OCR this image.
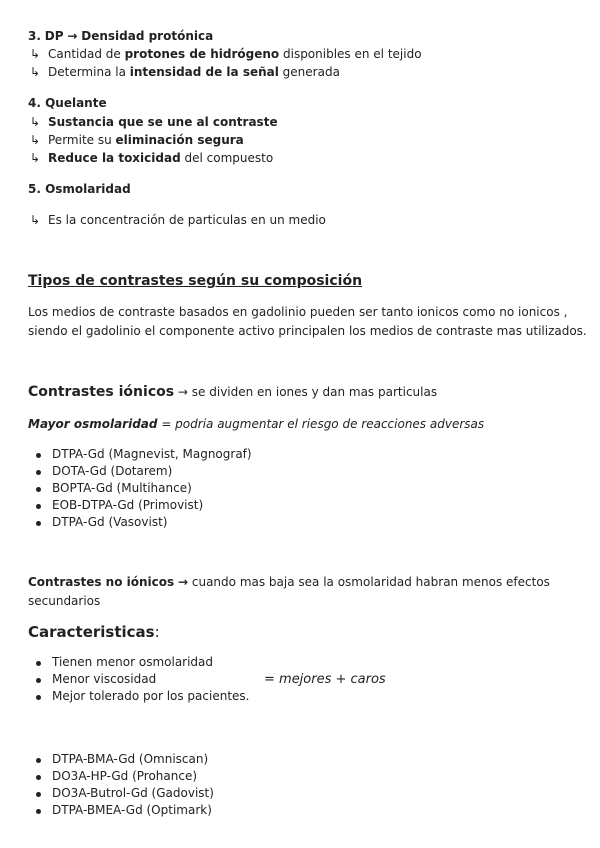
3. DP → Densidad protónica
↳ Cantidad de protones de hidrógeno disponibles en el tejido
↳ Determina la intensidad de la señal generada
4. Quelante
↳ Sustancia que se une al contraste
↳ Permite su eliminación segura
↳ Reduce la toxicidad del compuesto
5. Osmolaridad
↳ Es la concentración de particulas en un medio
Tipos de contrastes según su composición
Los medios de contraste basados en gadolinio pueden ser tanto ionicos como no ionicos ,
siendo el gadolinio el componente activo principalen los medios de contraste mas utilizados.
Contrastes iónicos → se dividen en iones y dan mas particulas
Mayor osmolaridad = podria augmentar el riesgo de reacciones adversas
DTPA-Gd (Magnevist, Magnograf)
DOTA-Gd (Dotarem)
BOPTA-Gd (Multihance)
EOB-DTPA-Gd (Primovist)
DTPA-Gd (Vasovist)
Contrastes no iónicos → cuando mas baja sea la osmolaridad habran menos efectos
secundarios
Caracteristicas:
Tienen menor osmolaridad
Menor viscosidad
Mejor tolerado por los pacientes.
= mejores + caros
DTPA-BMA-Gd (Omniscan)
DO3A-HP-Gd (Prohance)
DO3A-Butrol-Gd (Gadovist)
DTPA-BMEA-Gd (Optimark)
